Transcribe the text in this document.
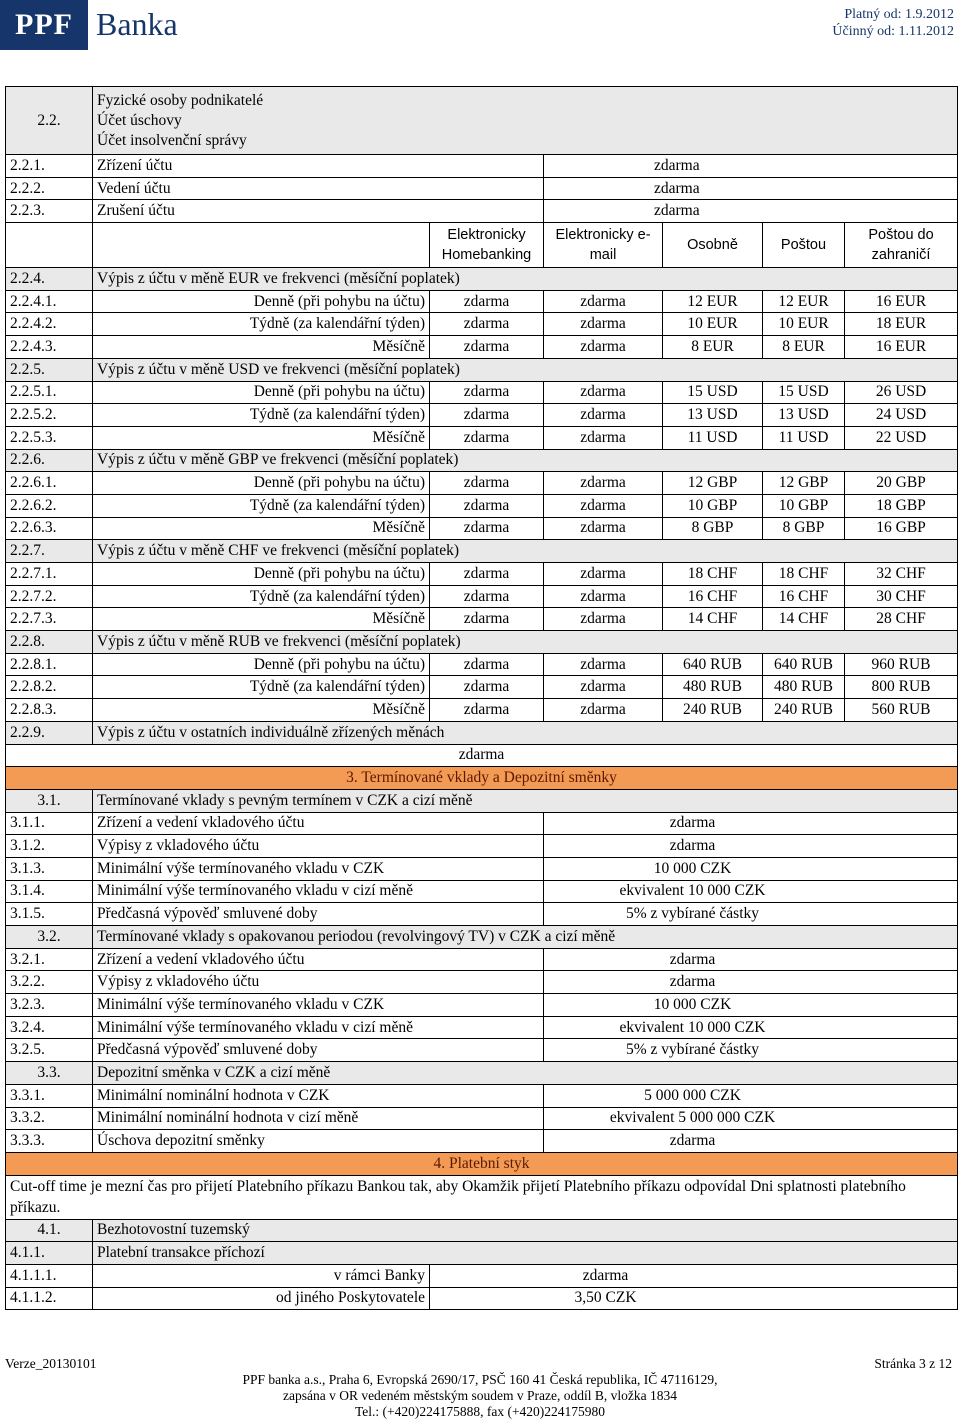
PPF Banka	Platný od: 1.9.2012
Účinný od: 1.11.2012
2.2.	Fyzické osoby podnikatelé
Účet úschovy
Účet insolvenční správy					

2.2.1.	Zřízení účtu		zdarma			
2.2.2.	Vedení účtu		zdarma			
2.2.3.	Zrušení účtu		zdarma			
		Elektronicky Homebanking	Elektronicky e-mail	Osobně	Poštou	Poštou do zahraničí
2.2.4.	Výpis z účtu v měně EUR ve frekvenci (měsíční poplatek)					
2.2.4.1.	Denně (při pohybu na účtu)	zdarma	zdarma	12 EUR	12 EUR	16 EUR
2.2.4.2.	Týdně (za kalendářní týden)	zdarma	zdarma	10 EUR	10 EUR	18 EUR
2.2.4.3.	Měsíčně	zdarma	zdarma	8 EUR	8 EUR	16 EUR
2.2.5.	Výpis z účtu v měně USD ve frekvenci (měsíční poplatek)					
2.2.5.1.	Denně (při pohybu na účtu)	zdarma	zdarma	15 USD	15 USD	26 USD
2.2.5.2.	Týdně (za kalendářní týden)	zdarma	zdarma	13 USD	13 USD	24 USD
2.2.5.3.	Měsíčně	zdarma	zdarma	11 USD	11 USD	22 USD
2.2.6.	Výpis z účtu v měně GBP ve frekvenci (měsíční poplatek)					
2.2.6.1.	Denně (při pohybu na účtu)	zdarma	zdarma	12 GBP	12 GBP	20 GBP
2.2.6.2.	Týdně (za kalendářní týden)	zdarma	zdarma	10 GBP	10 GBP	18 GBP
2.2.6.3.	Měsíčně	zdarma	zdarma	8 GBP	8 GBP	16 GBP
2.2.7.	Výpis z účtu v měně CHF ve frekvenci (měsíční poplatek)					
2.2.7.1.	Denně (při pohybu na účtu)	zdarma	zdarma	18 CHF	18 CHF	32 CHF
2.2.7.2.	Týdně (za kalendářní týden)	zdarma	zdarma	16 CHF	16 CHF	30 CHF
2.2.7.3.	Měsíčně	zdarma	zdarma	14 CHF	14 CHF	28 CHF
2.2.8.	Výpis z účtu v měně RUB ve frekvenci (měsíční poplatek)					
2.2.8.1.	Denně (při pohybu na účtu)	zdarma	zdarma	640 RUB	640 RUB	960 RUB
2.2.8.2.	Týdně (za kalendářní týden)	zdarma	zdarma	480 RUB	480 RUB	800 RUB
2.2.8.3.	Měsíčně	zdarma	zdarma	240 RUB	240 RUB	560 RUB
2.2.9.	Výpis z účtu v ostatních individuálně zřízených měnách					
zdarma						
3. Termínované vklady a Depozitní směnky						
3.1.	Termínované vklady s pevným termínem v CZK a cizí měně					
3.1.1.	Zřízení a vedení vkladového účtu		zdarma			
3.1.2.	Výpisy z vkladového účtu		zdarma			
3.1.3.	Minimální výše termínovaného vkladu v CZK		10 000 CZK			
3.1.4.	Minimální výše termínovaného vkladu v cizí měně		ekvivalent 10 000 CZK			
3.1.5.	Předčasná výpověď smluvené doby		5% z vybírané částky			
3.2.	Termínované vklady s opakovanou periodou (revolvingový TV) v CZK a cizí měně					
3.2.1.	Zřízení a vedení vkladového účtu		zdarma			
3.2.2.	Výpisy z vkladového účtu		zdarma			
3.2.3.	Minimální výše termínovaného vkladu v CZK		10 000 CZK			
3.2.4.	Minimální výše termínovaného vkladu v cizí měně		ekvivalent 10 000 CZK			
3.2.5.	Předčasná výpověď smluvené doby		5% z vybírané částky			
3.3.	Depozitní směnka v CZK a cizí měně					
3.3.1.	Minimální nominální hodnota v CZK		5 000 000 CZK			
3.3.2.	Minimální nominální hodnota v cizí měně		ekvivalent 5 000 000 CZK			
3.3.3.	Úschova depozitní směnky		zdarma			
4. Platební styk						
Cut-off time je mezní čas pro přijetí Platebního příkazu Bankou tak, aby Okamžik přijetí Platebního příkazu odpovídal Dni splatnosti platebního příkazu.						
4.1.	Bezhotovostní tuzemský					
4.1.1.	Platební transakce příchozí					
4.1.1.1.	v rámci Banky	zdarma				
4.1.1.2.	od jiného Poskytovatele	3,50 CZK				
Verze_20130101	Stránka 3 z 12
PPF banka a.s., Praha 6, Evropská 2690/17, PSČ 160 41 Česká republika, IČ 47116129,
zapsána v OR vedeném městským soudem v Praze, oddíl B, vložka 1834
Tel.: (+420)224175888, fax (+420)224175980
